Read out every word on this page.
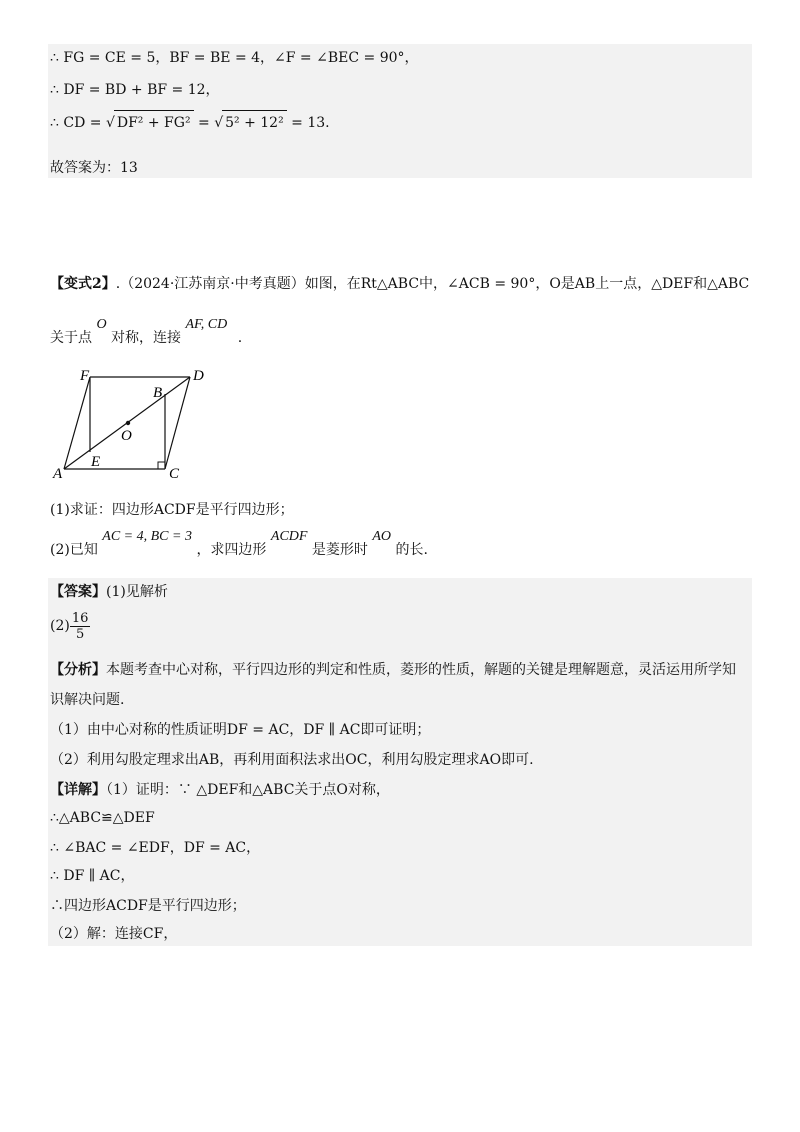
∴ FG = CE = 5，BF = BE = 4，∠F = ∠BEC = 90°，
∴ DF = BD + BF = 12，
∴ CD = √ DF² + FG² = √ 5² + 12² = 13.
故答案为：13
【变式2】.（2024·江苏南京·中考真题）如图，在Rt△ABC中，∠ACB = 90°，O是AB上一点，△DEF和△ABC
关于点 O 对称，连接 AF, CD .
F	D
B
O
E
A	C
(1)求证：四边形ACDF是平行四边形；
(2)已知 AC = 4, BC = 3 ，求四边形 ACDF 是菱形时 AO 的长.
【答案】(1)见解析
$(2) \frac{16}{5}$
【分析】本题考查中心对称，平行四边形的判定和性质，菱形的性质，解题的关键是理解题意，灵活运用所学知
识解决问题.
（1）由中心对称的性质证明DF = AC，DF ∥ AC即可证明；
（2）利用勾股定理求出AB，再利用面积法求出OC，利用勾股定理求AO即可.
【详解】（1）证明：∵ △DEF和△ABC关于点O对称，
∴△ABC≌△DEF
∴ ∠BAC = ∠EDF，DF = AC，
∴ DF ∥ AC，
∴四边形ACDF是平行四边形；
（2）解：连接CF，
